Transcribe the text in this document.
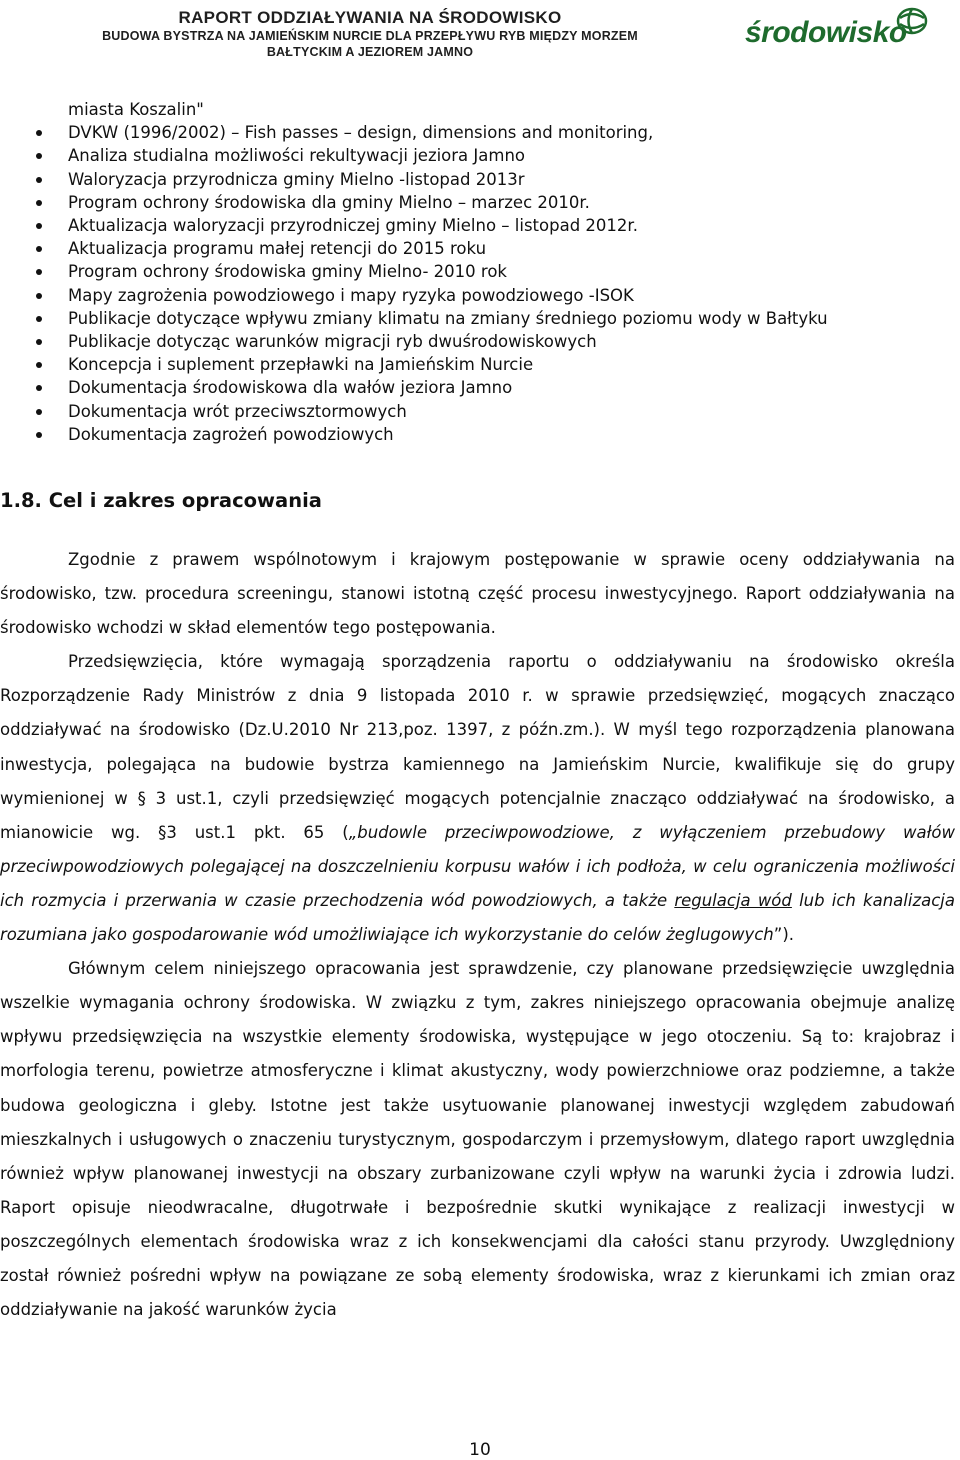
RAPORT ODDZIAŁYWANIA NA ŚRODOWISKO
BUDOWA BYSTRZA NA JAMIEŃSKIM NURCIE DLA PRZEPŁYWU RYB MIĘDZY MORZEM
BAŁTYCKIM A JEZIOREM JAMNO
środowisko
miasta Koszalin"
DVKW (1996/2002) – Fish passes – design, dimensions and monitoring,
Analiza studialna możliwości rekultywacji jeziora Jamno
Waloryzacja przyrodnicza gminy Mielno -listopad 2013r
Program ochrony środowiska dla gminy Mielno – marzec 2010r.
Aktualizacja waloryzacji przyrodniczej gminy Mielno – listopad 2012r.
Aktualizacja programu małej retencji do 2015 roku
Program ochrony środowiska gminy Mielno- 2010 rok
Mapy zagrożenia powodziowego i mapy ryzyka powodziowego -ISOK
Publikacje dotyczące wpływu zmiany klimatu na zmiany średniego poziomu wody w Bałtyku
Publikacje dotycząc warunków migracji ryb dwuśrodowiskowych
Koncepcja i suplement przepławki na Jamieńskim Nurcie
Dokumentacja środowiskowa dla wałów jeziora Jamno
Dokumentacja wrót przeciwsztormowych
Dokumentacja zagrożeń powodziowych
1.8. Cel i zakres opracowania

Zgodnie z prawem wspólnotowym i krajowym postępowanie w sprawie oceny oddziaływania na środowisko, tzw. procedura screeningu, stanowi istotną część procesu inwestycyjnego. Raport oddziaływania na środowisko wchodzi w skład elementów tego postępowania.

Przedsięwzięcia, które wymagają sporządzenia raportu o oddziaływaniu na środowisko określa Rozporządzenie Rady Ministrów z dnia 9 listopada 2010 r. w sprawie przedsięwzięć, mogących znacząco oddziaływać na środowisko (Dz.U.2010 Nr 213,poz. 1397, z późn.zm.). W myśl tego rozporządzenia planowana inwestycja, polegająca na budowie bystrza kamiennego na Jamieńskim Nurcie, kwalifikuje się do grupy wymienionej w § 3 ust.1, czyli przedsięwzięć mogących potencjalnie znacząco oddziaływać na środowisko, a mianowicie wg. §3 ust.1 pkt. 65 („budowle przeciwpowodziowe, z wyłączeniem przebudowy wałów przeciwpowodziowych polegającej na doszczelnieniu korpusu wałów i ich podłoża, w celu ograniczenia możliwości ich rozmycia i przerwania w czasie przechodzenia wód powodziowych, a także regulacja wód lub ich kanalizacja rozumiana jako gospodarowanie wód umożliwiające ich wykorzystanie do celów żeglugowych”).

Głównym celem niniejszego opracowania jest sprawdzenie, czy planowane przedsięwzięcie uwzględnia wszelkie wymagania ochrony środowiska. W związku z tym, zakres niniejszego opracowania obejmuje analizę wpływu przedsięwzięcia na wszystkie elementy środowiska, występujące w jego otoczeniu. Są to: krajobraz i morfologia terenu, powietrze atmosferyczne i klimat akustyczny, wody powierzchniowe oraz podziemne, a także budowa geologiczna i gleby. Istotne jest także usytuowanie planowanej inwestycji względem zabudowań mieszkalnych i usługowych o znaczeniu turystycznym, gospodarczym i przemysłowym, dlatego raport uwzględnia również wpływ planowanej inwestycji na obszary zurbanizowane czyli wpływ na warunki życia i zdrowia ludzi. Raport opisuje nieodwracalne, długotrwałe i bezpośrednie skutki wynikające z realizacji inwestycji w poszczególnych elementach środowiska wraz z ich konsekwencjami dla całości stanu przyrody. Uwzględniony został również pośredni wpływ na powiązane ze sobą elementy środowiska, wraz z kierunkami ich zmian oraz oddziaływanie na jakość warunków życia

10
